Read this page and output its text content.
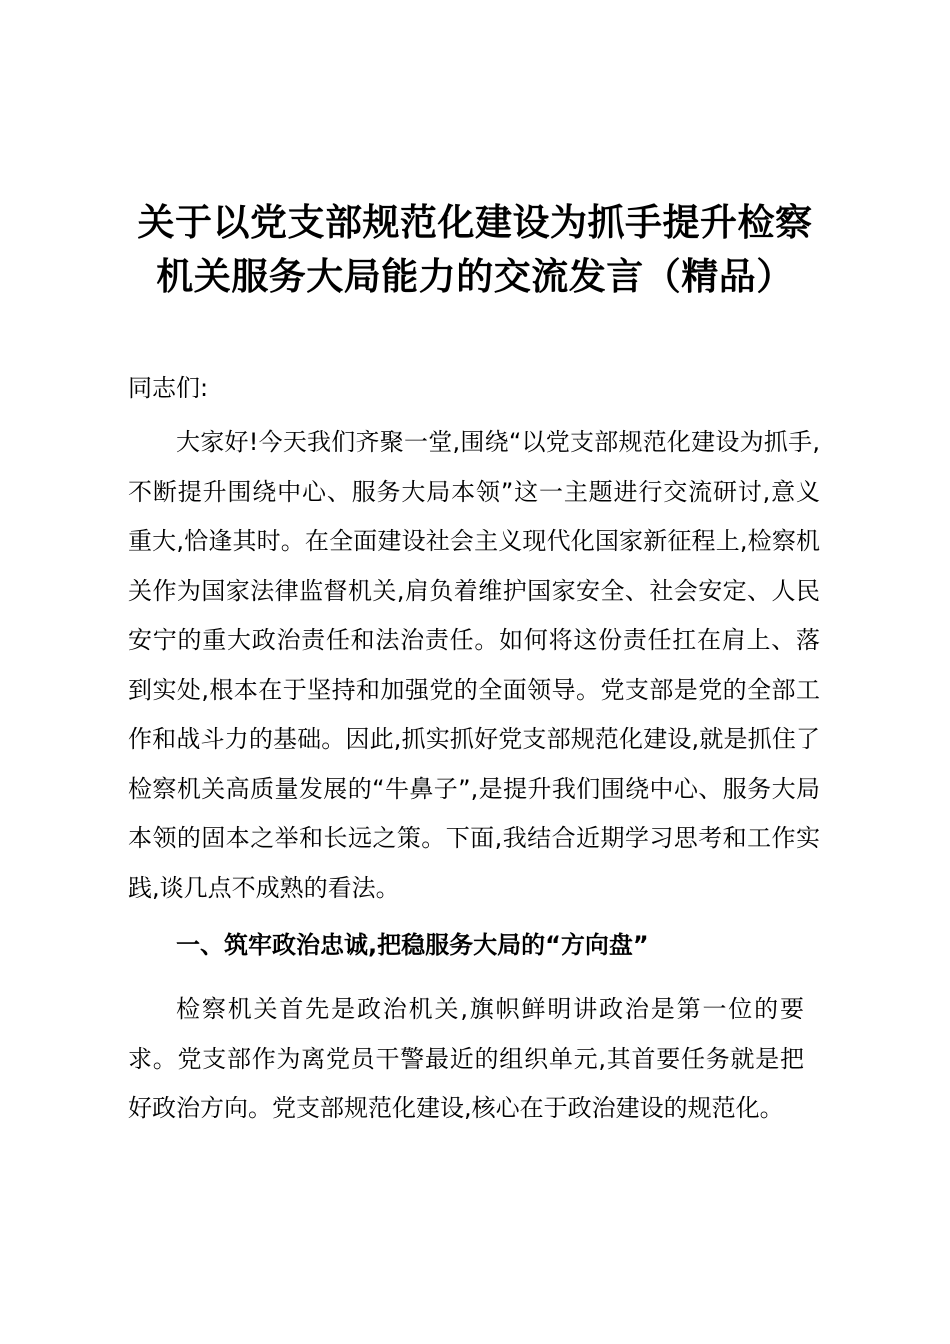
关于以党支部规范化建设为抓手提升检察
机关服务大局能力的交流发言（精品）

同志们:

大家好!今天我们齐聚一堂,围绕“以党支部规范化建设为抓手,不断提升围绕中心、服务大局本领”这一主题进行交流研讨,意义重大,恰逢其时。在全面建设社会主义现代化国家新征程上,检察机关作为国家法律监督机关,肩负着维护国家安全、社会安定、人民安宁的重大政治责任和法治责任。如何将这份责任扛在肩上、落到实处,根本在于坚持和加强党的全面领导。党支部是党的全部工作和战斗力的基础。因此,抓实抓好党支部规范化建设,就是抓住了检察机关高质量发展的“牛鼻子”,是提升我们围绕中心、服务大局本领的固本之举和长远之策。下面,我结合近期学习思考和工作实践,谈几点不成熟的看法。

一、筑牢政治忠诚,把稳服务大局的“方向盘”

检察机关首先是政治机关,旗帜鲜明讲政治是第一位的要求。党支部作为离党员干警最近的组织单元,其首要任务就是把好政治方向。党支部规范化建设,核心在于政治建设的规范化。
